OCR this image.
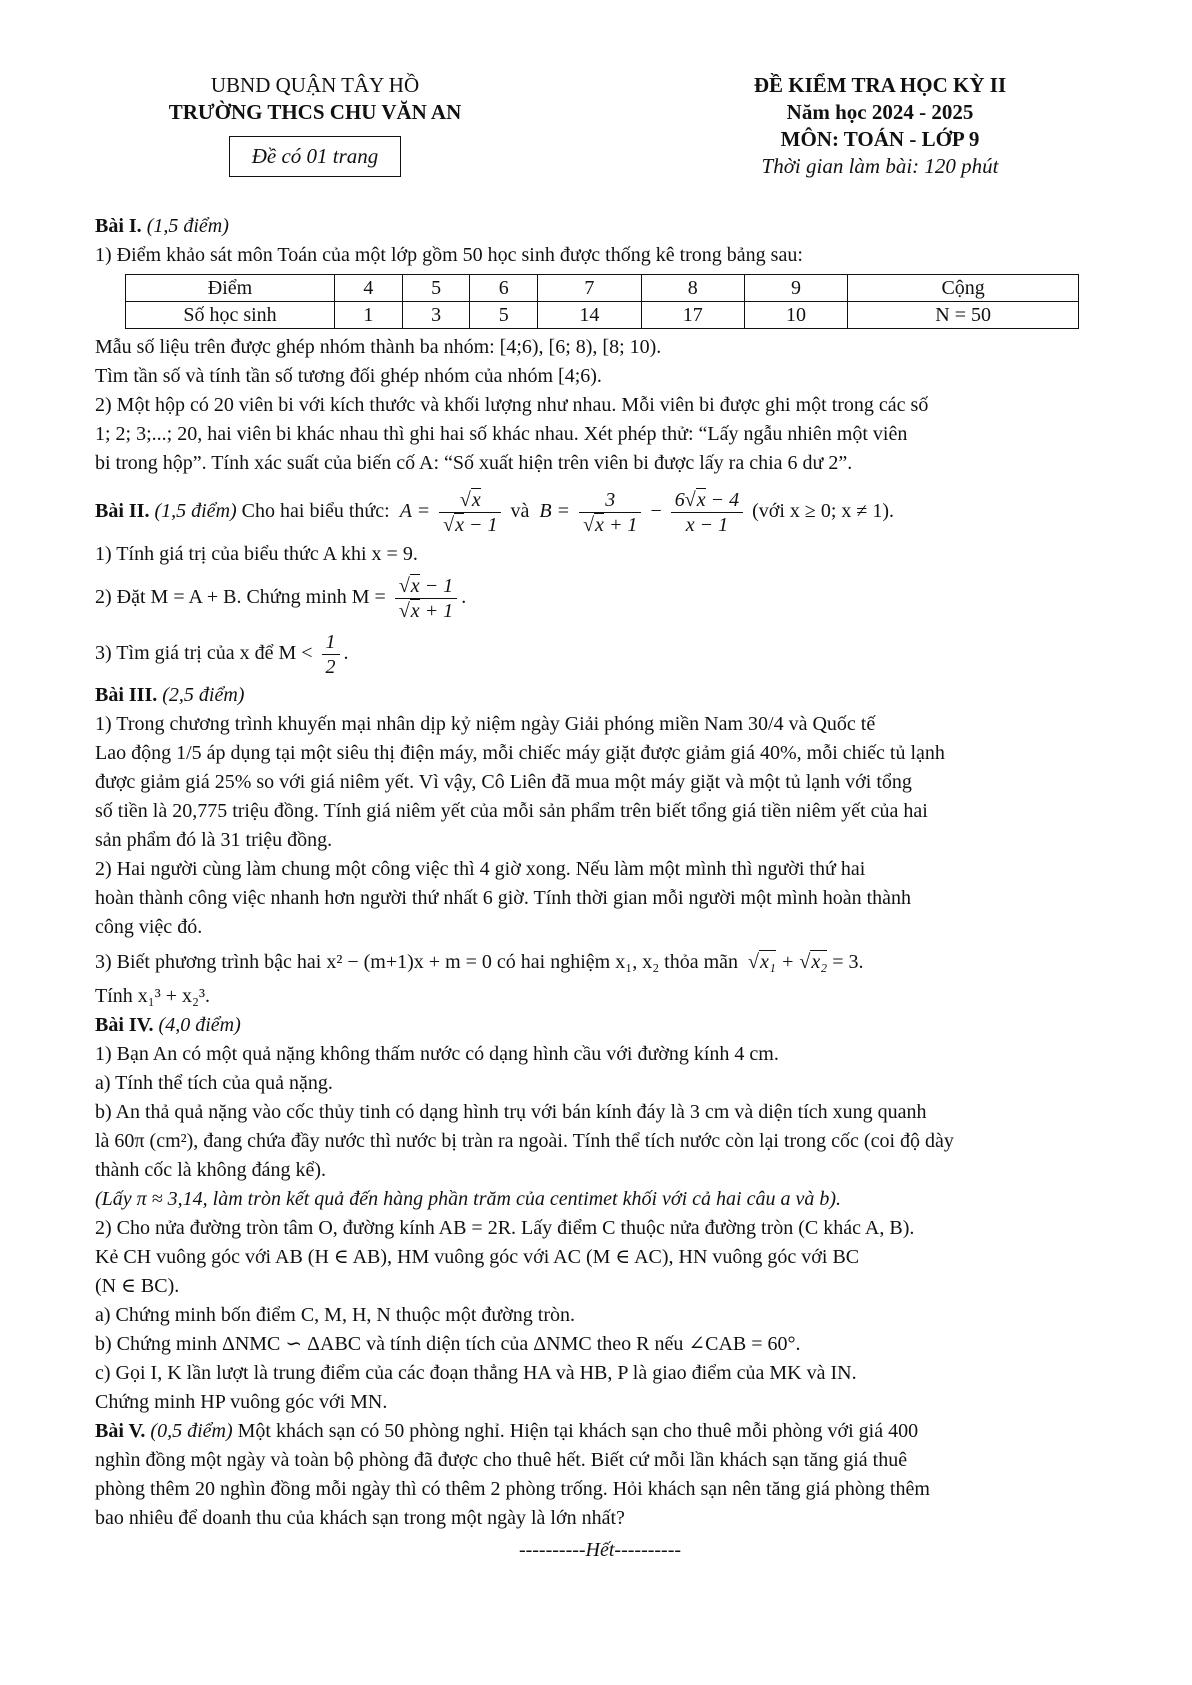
UBND QUẬN TÂY HỒ
TRƯỜNG THCS CHU VĂN AN
Đề có 01 trang
ĐỀ KIỂM TRA HỌC KỲ II
Năm học 2024 - 2025
MÔN: TOÁN - LỚP 9
Thời gian làm bài: 120 phút

Bài I. (1,5 điểm)

1) Điểm khảo sát môn Toán của một lớp gồm 50 học sinh được thống kê trong bảng sau:

Điểm	4	5	6	7	8	9	Cộng
Số học sinh	1	3	5	14	17	10	N = 50

Mẫu số liệu trên được ghép nhóm thành ba nhóm: [4;6), [6; 8), [8; 10).

Tìm tần số và tính tần số tương đối ghép nhóm của nhóm [4;6).

2) Một hộp có 20 viên bi với kích thước và khối lượng như nhau. Mỗi viên bi được ghi một trong các số

1; 2; 3;...; 20, hai viên bi khác nhau thì ghi hai số khác nhau. Xét phép thử: “Lấy ngẫu nhiên một viên

bi trong hộp”. Tính xác suất của biến cố A: “Số xuất hiện trên viên bi được lấy ra chia 6 dư 2”.

Bài II. (1,5 điểm) Cho hai biểu thức:  $A = \frac{√x}{√x - 1}$ và  $B = \frac{3}{√x + 1} - \frac{6√x - 4}{x - 1}$ (với x ≥ 0; x ≠ 1).

1) Tính giá trị của biểu thức A khi x = 9.

2) Đặt M = A + B. Chứng minh $M = \frac{√x - 1}{√x + 1}$ .

3) Tìm giá trị của x để $M < \frac{1}{2}$ .

Bài III. (2,5 điểm)

1) Trong chương trình khuyến mại nhân dịp kỷ niệm ngày Giải phóng miền Nam 30/4 và Quốc tế

Lao động 1/5 áp dụng tại một siêu thị điện máy, mỗi chiếc máy giặt được giảm giá 40%, mỗi chiếc tủ lạnh

được giảm giá 25% so với giá niêm yết. Vì vậy, Cô Liên đã mua một máy giặt và một tủ lạnh với tổng

số tiền là 20,775 triệu đồng. Tính giá niêm yết của mỗi sản phẩm trên biết tổng giá tiền niêm yết của hai

sản phẩm đó là 31 triệu đồng.

2) Hai người cùng làm chung một công việc thì 4 giờ xong. Nếu làm một mình thì người thứ hai

hoàn thành công việc nhanh hơn người thứ nhất 6 giờ. Tính thời gian mỗi người một mình hoàn thành

công việc đó.

3) Biết phương trình bậc hai x² − (m+1)x + m = 0 có hai nghiệm x₁, x₂ thỏa mãn  √x₁ + √x₂ = 3.

Tính x₁³ + x₂³.

Bài IV. (4,0 điểm)

1) Bạn An có một quả nặng không thấm nước có dạng hình cầu với đường kính 4 cm.

a) Tính thể tích của quả nặng.

b) An thả quả nặng vào cốc thủy tinh có dạng hình trụ với bán kính đáy là 3 cm và diện tích xung quanh

là 60π (cm²), đang chứa đầy nước thì nước bị tràn ra ngoài. Tính thể tích nước còn lại trong cốc (coi độ dày

thành cốc là không đáng kể).

(Lấy π ≈ 3,14, làm tròn kết quả đến hàng phần trăm của centimet khối với cả hai câu a và b).

2) Cho nửa đường tròn tâm O, đường kính AB = 2R. Lấy điểm C thuộc nửa đường tròn (C khác A, B).

Kẻ CH vuông góc với AB (H ∈ AB), HM vuông góc với AC (M ∈ AC), HN vuông góc với BC

(N ∈ BC).

a) Chứng minh bốn điểm C, M, H, N thuộc một đường tròn.

b) Chứng minh ΔNMC ∽ ΔABC và tính diện tích của ΔNMC theo R nếu ∠CAB = 60°.

c) Gọi I, K lần lượt là trung điểm của các đoạn thẳng HA và HB, P là giao điểm của MK và IN.

Chứng minh HP vuông góc với MN.

Bài V. (0,5 điểm) Một khách sạn có 50 phòng nghỉ. Hiện tại khách sạn cho thuê mỗi phòng với giá 400

nghìn đồng một ngày và toàn bộ phòng đã được cho thuê hết. Biết cứ mỗi lần khách sạn tăng giá thuê

phòng thêm 20 nghìn đồng mỗi ngày thì có thêm 2 phòng trống. Hỏi khách sạn nên tăng giá phòng thêm

bao nhiêu để doanh thu của khách sạn trong một ngày là lớn nhất?

----------Hết----------
